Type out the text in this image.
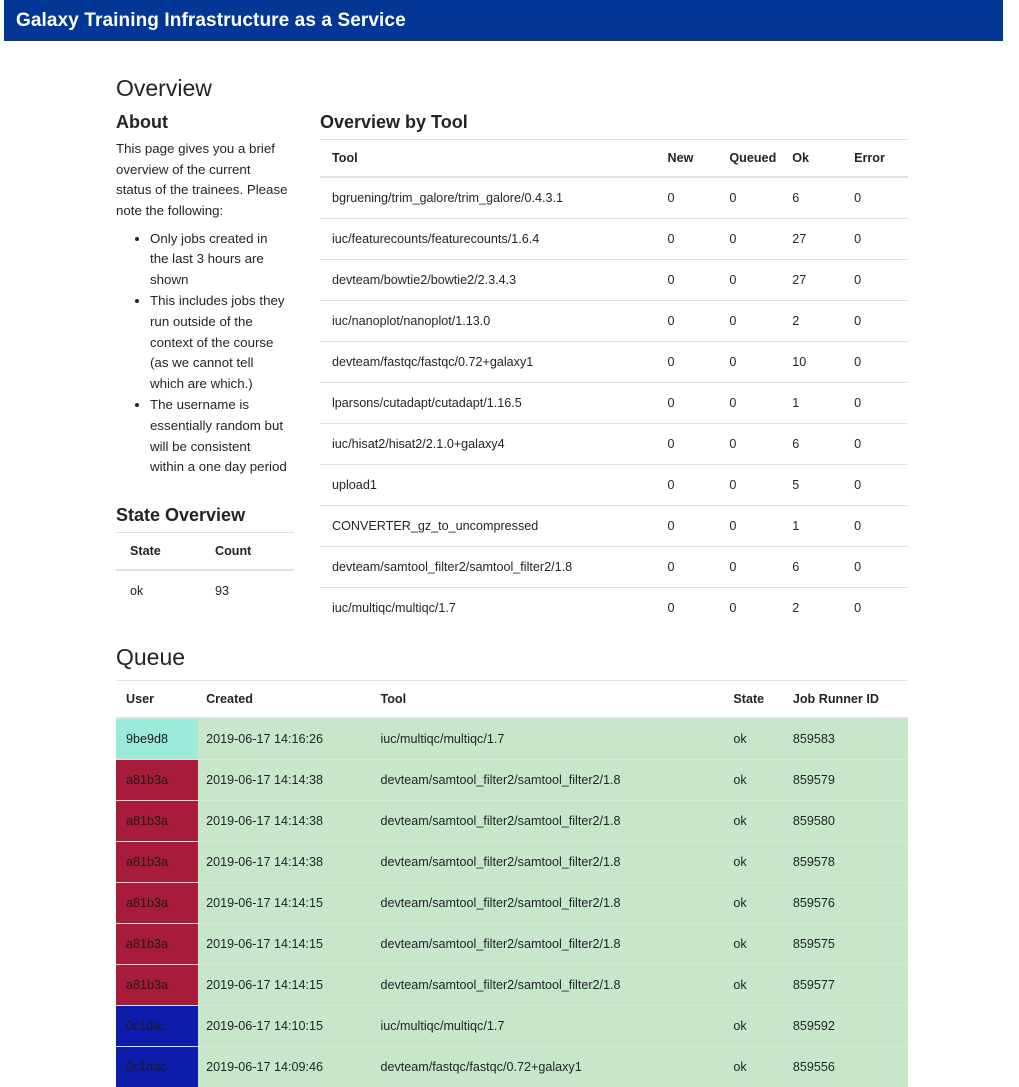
Galaxy Training Infrastructure as a Service
Overview
About

This page gives you a brief overview of the current status of the trainees. Please note the following:

• Only jobs created in the last 3 hours are shown
• This includes jobs they run outside of the context of the course (as we cannot tell which are which.)
• The username is essentially random but will be consistent within a one day period
State Overview
State	Count
ok	93
Overview by Tool
Tool	New	Queued	Ok	Error
bgruening/trim_galore/trim_galore/0.4.3.1	0	0	6	0
iuc/featurecounts/featurecounts/1.6.4	0	0	27	0
devteam/bowtie2/bowtie2/2.3.4.3	0	0	27	0
iuc/nanoplot/nanoplot/1.13.0	0	0	2	0
devteam/fastqc/fastqc/0.72+galaxy1	0	0	10	0
lparsons/cutadapt/cutadapt/1.16.5	0	0	1	0
iuc/hisat2/hisat2/2.1.0+galaxy4	0	0	6	0
upload1	0	0	5	0
CONVERTER_gz_to_uncompressed	0	0	1	0
devteam/samtool_filter2/samtool_filter2/1.8	0	0	6	0
iuc/multiqc/multiqc/1.7	0	0	2	0
Queue
User	Created	Tool	State	Job Runner ID
9be9d8	2019-06-17 14:16:26	iuc/multiqc/multiqc/1.7	ok	859583
a81b3a	2019-06-17 14:14:38	devteam/samtool_filter2/samtool_filter2/1.8	ok	859579
a81b3a	2019-06-17 14:14:38	devteam/samtool_filter2/samtool_filter2/1.8	ok	859580
a81b3a	2019-06-17 14:14:38	devteam/samtool_filter2/samtool_filter2/1.8	ok	859578
a81b3a	2019-06-17 14:14:15	devteam/samtool_filter2/samtool_filter2/1.8	ok	859576
a81b3a	2019-06-17 14:14:15	devteam/samtool_filter2/samtool_filter2/1.8	ok	859575
a81b3a	2019-06-17 14:14:15	devteam/samtool_filter2/samtool_filter2/1.8	ok	859577
0c1dac	2019-06-17 14:10:15	iuc/multiqc/multiqc/1.7	ok	859592
0c1dac	2019-06-17 14:09:46	devteam/fastqc/fastqc/0.72+galaxy1	ok	859556
